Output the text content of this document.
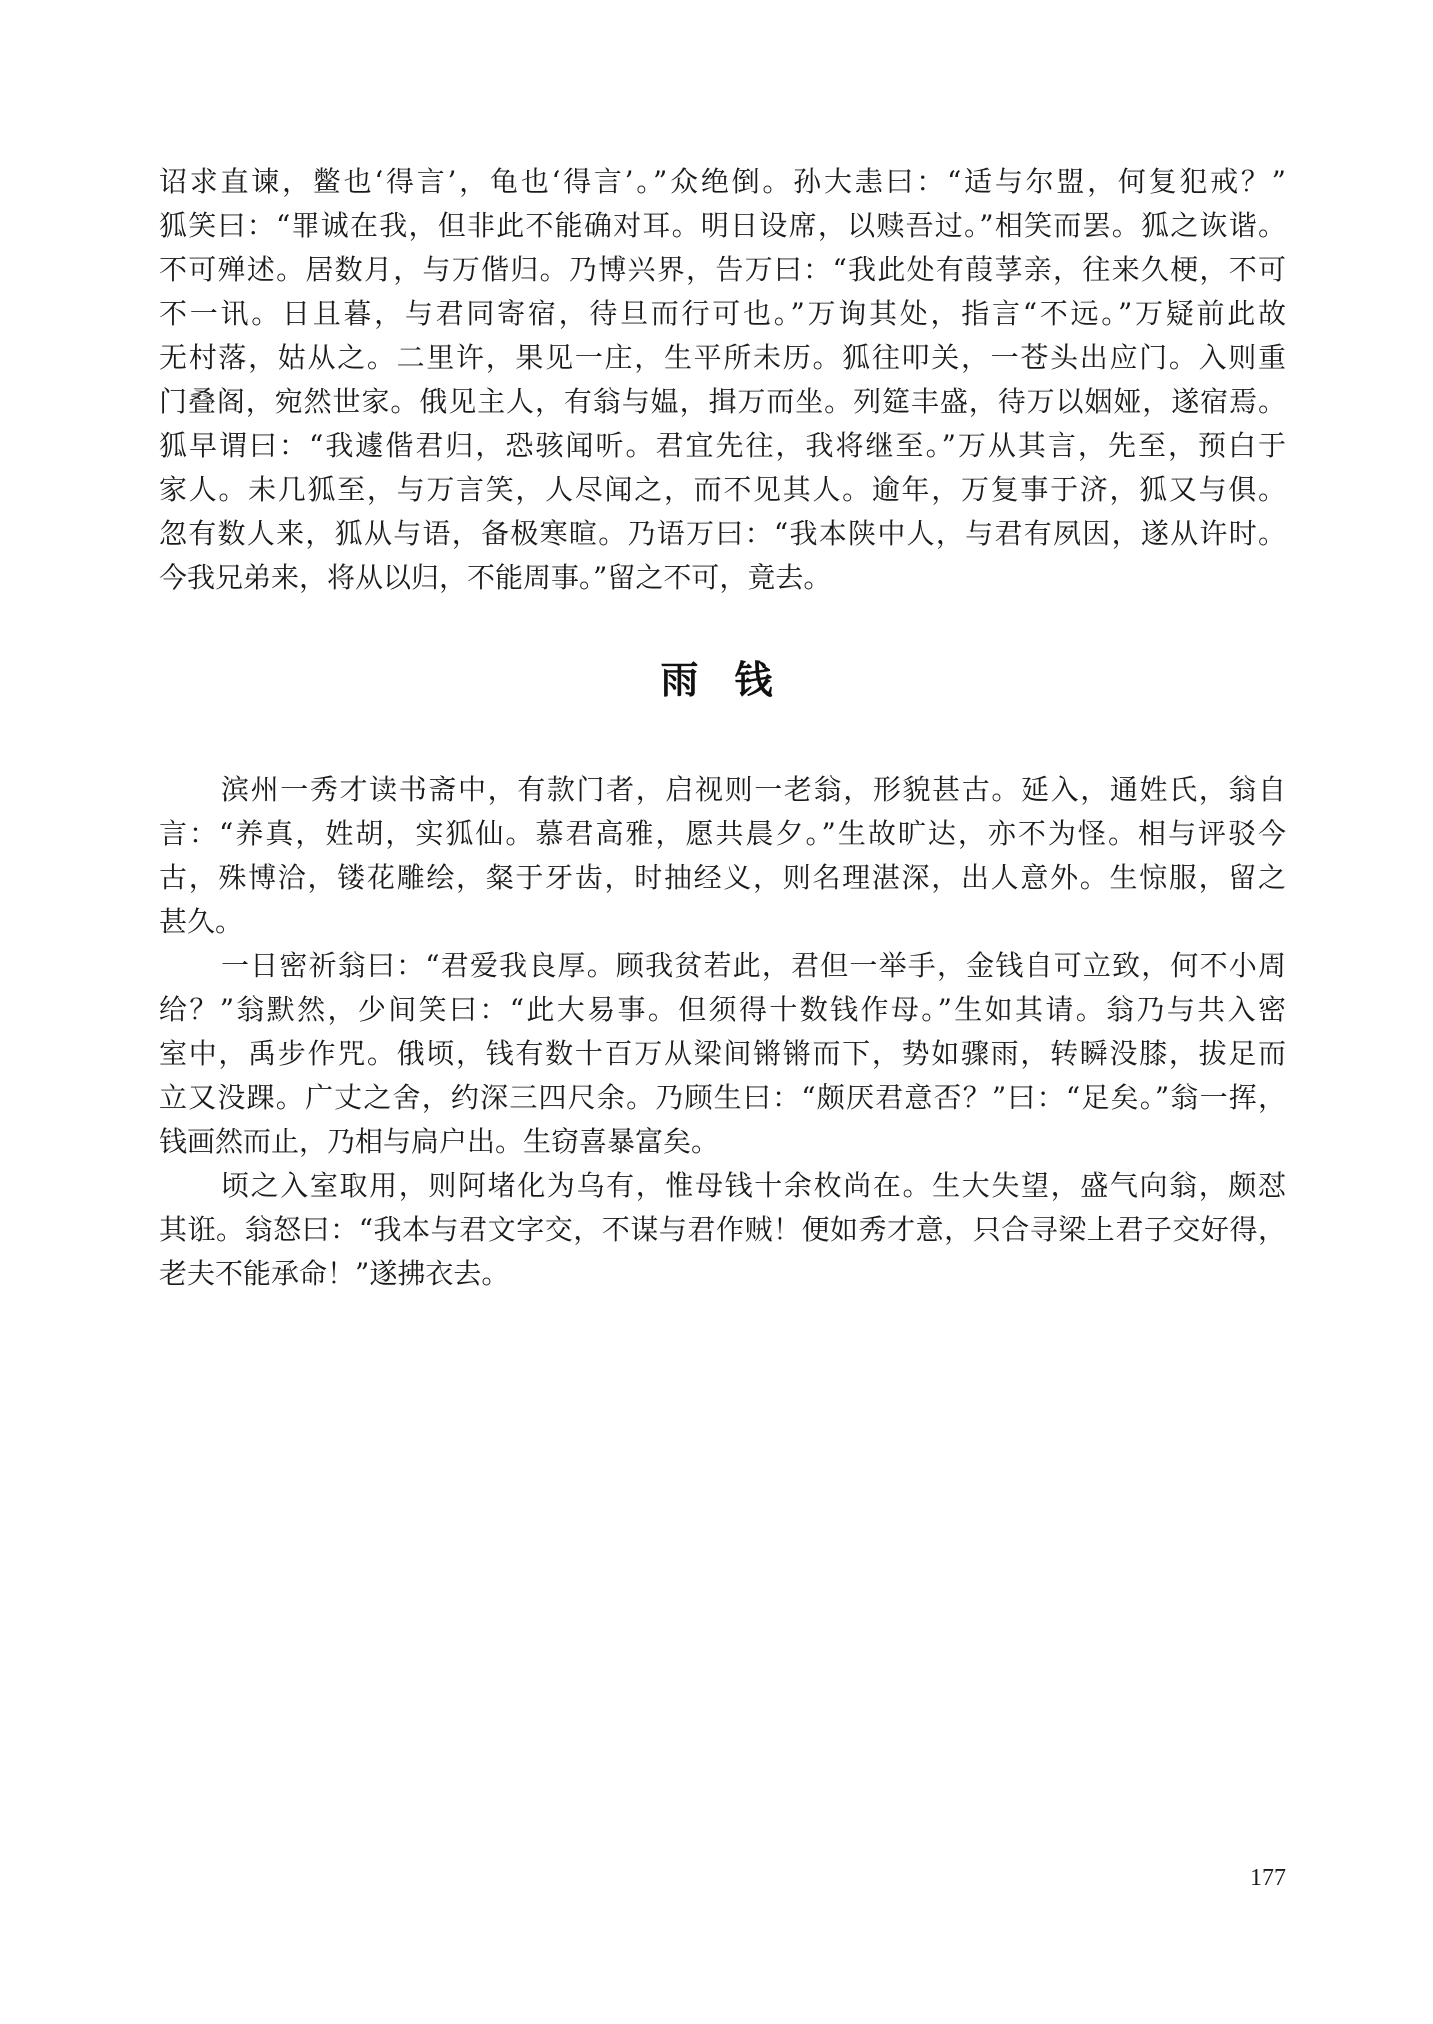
诏求直谏，鳖也‘得言’，龟也‘得言’。”众绝倒。孙大恚曰：“适与尔盟，何复犯戒？”
狐笑曰：“罪诚在我，但非此不能确对耳。明日设席，以赎吾过。”相笑而罢。狐之诙谐。
不可殚述。居数月，与万偕归。乃博兴界，告万曰：“我此处有葭莩亲，往来久梗，不可
不一讯。日且暮，与君同寄宿，待旦而行可也。”万询其处，指言“不远。”万疑前此故
无村落，姑从之。二里许，果见一庄，生平所未历。狐往叩关，一苍头出应门。入则重
门叠阁，宛然世家。俄见主人，有翁与媪，揖万而坐。列筵丰盛，待万以姻娅，遂宿焉。
狐早谓曰：“我遽偕君归，恐骇闻听。君宜先往，我将继至。”万从其言，先至，预白于
家人。未几狐至，与万言笑，人尽闻之，而不见其人。逾年，万复事于济，狐又与俱。
忽有数人来，狐从与语，备极寒暄。乃语万曰：“我本陕中人，与君有夙因，遂从许时。
今我兄弟来，将从以归，不能周事。”留之不可，竟去。
雨钱
滨州一秀才读书斋中，有款门者，启视则一老翁，形貌甚古。延入，通姓氏，翁自
言：“养真，姓胡，实狐仙。慕君高雅，愿共晨夕。”生故旷达，亦不为怪。相与评驳今
古，殊博洽，镂花雕绘，粲于牙齿，时抽经义，则名理湛深，出人意外。生惊服，留之
甚久。
一日密祈翁曰：“君爱我良厚。顾我贫若此，君但一举手，金钱自可立致，何不小周
给？”翁默然，少间笑曰：“此大易事。但须得十数钱作母。”生如其请。翁乃与共入密
室中，禹步作咒。俄顷，钱有数十百万从梁间锵锵而下，势如骤雨，转瞬没膝，拔足而
立又没踝。广丈之舍，约深三四尺余。乃顾生曰：“颇厌君意否？”曰：“足矣。”翁一挥，
钱画然而止，乃相与扃户出。生窃喜暴富矣。
顷之入室取用，则阿堵化为乌有，惟母钱十余枚尚在。生大失望，盛气向翁，颇怼
其诳。翁怒曰：“我本与君文字交，不谋与君作贼！便如秀才意，只合寻梁上君子交好得，
老夫不能承命！”遂拂衣去。
177
